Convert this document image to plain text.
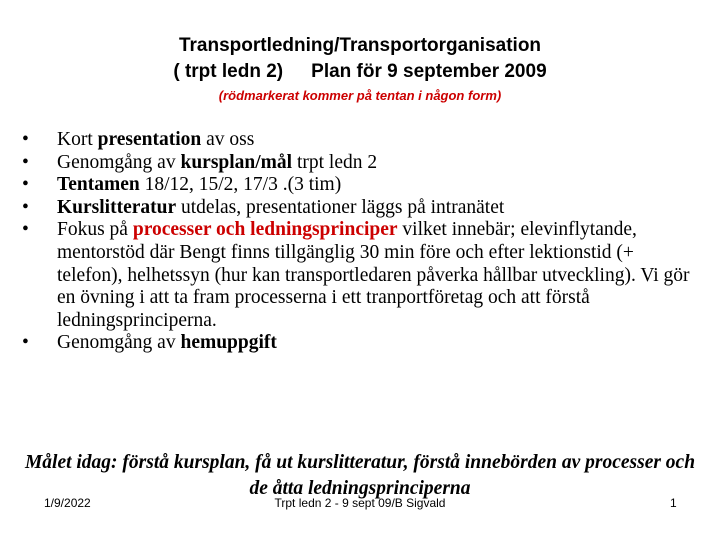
Transportledning/Transportorganisation
( trpt ledn 2) Plan för 9 september 2009
(rödmarkerat kommer på tentan i någon form)
• Kort presentation av oss
• Genomgång av kursplan/mål trpt ledn 2
• Tentamen 18/12, 15/2, 17/3 .(3 tim)
• Kurslitteratur utdelas, presentationer läggs på intranätet
• Fokus på processer och ledningsprinciper vilket innebär; elevinflytande, mentorstöd där Bengt finns tillgänglig 30 min före och efter lektionstid (+ telefon), helhetssyn (hur kan transportledaren påverka hållbar utveckling). Vi gör en övning i att ta fram processerna i ett tranportföretag och att förstå ledningsprinciperna.
• Genomgång av hemuppgift
Målet idag: förstå kursplan, få ut kurslitteratur, förstå innebörden av processer och de åtta ledningsprinciperna
1/9/2022	Trpt ledn 2 - 9 sept 09/B Sigvald	1
